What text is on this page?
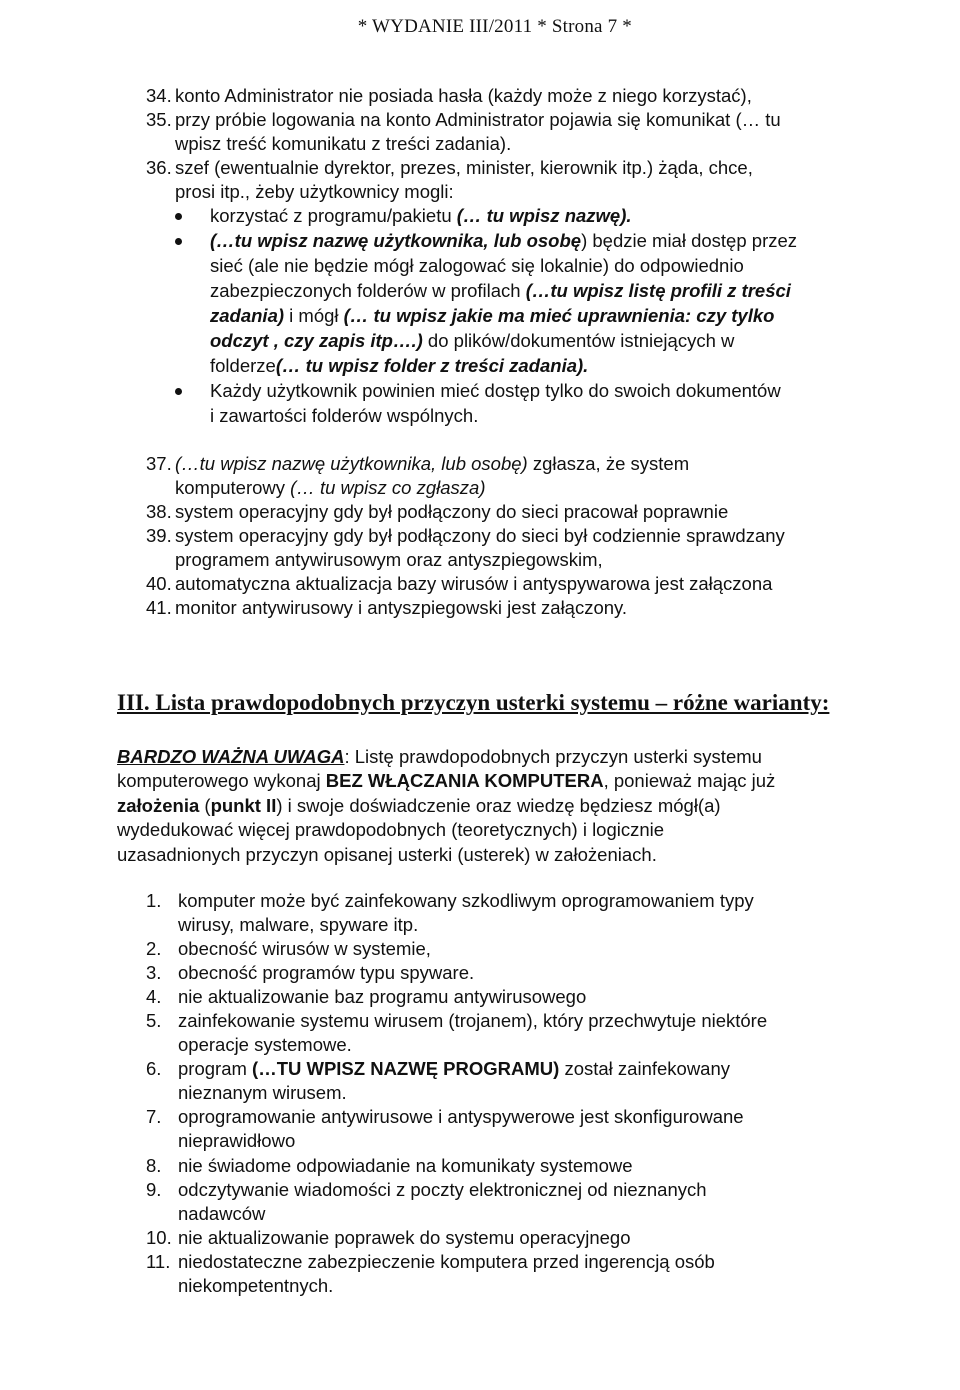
* WYDANIE III/2011 * Strona 7 *
34. konto Administrator nie posiada hasła (każdy może z niego korzystać),
35. przy próbie logowania na konto Administrator pojawia się komunikat (… tu
wpisz treść komunikatu z treści zadania).
36. szef (ewentualnie dyrektor, prezes, minister, kierownik itp.) żąda, chce,
prosi itp., żeby użytkownicy mogli:
korzystać z programu/pakietu (… tu wpisz nazwę).
(…tu wpisz nazwę użytkownika, lub osobę) będzie miał dostęp przez
sieć (ale nie będzie mógł zalogować się lokalnie) do odpowiednio
zabezpieczonych folderów w profilach (…tu wpisz listę profili z treści
zadania) i mógł (… tu wpisz jakie ma mieć uprawnienia: czy tylko
odczyt , czy zapis itp….) do plików/dokumentów istniejących w
folderze(… tu wpisz folder z treści zadania).
Każdy użytkownik powinien mieć dostęp tylko do swoich dokumentów
i zawartości folderów wspólnych.
37. (…tu wpisz nazwę użytkownika, lub osobę) zgłasza, że system
komputerowy (… tu wpisz co zgłasza)
38. system operacyjny gdy był podłączony do sieci pracował poprawnie
39. system operacyjny gdy był podłączony do sieci był codziennie sprawdzany
programem antywirusowym oraz antyszpiegowskim,
40. automatyczna aktualizacja bazy wirusów i antyspywarowa jest załączona
41. monitor antywirusowy i antyszpiegowski jest załączony.
III. Lista prawdopodobnych przyczyn usterki systemu – różne warianty:
BARDZO WAŻNA UWAGA: Listę prawdopodobnych przyczyn usterki systemu
komputerowego wykonaj BEZ WŁĄCZANIA KOMPUTERA, ponieważ mając już
założenia (punkt II) i swoje doświadczenie oraz wiedzę będziesz mógł(a)
wydedukować więcej prawdopodobnych (teoretycznych) i logicznie
uzasadnionych przyczyn opisanej usterki (usterek) w założeniach.
1. komputer może być zainfekowany szkodliwym oprogramowaniem typy
wirusy, malware, spyware itp.
2. obecność wirusów w systemie,
3. obecność programów typu spyware.
4. nie aktualizowanie baz programu antywirusowego
5. zainfekowanie systemu wirusem (trojanem), który przechwytuje niektóre
operacje systemowe.
6. program (…TU WPISZ NAZWĘ PROGRAMU) został zainfekowany
nieznanym wirusem.
7. oprogramowanie antywirusowe i antyspywerowe jest skonfigurowane
nieprawidłowo
8. nie świadome odpowiadanie na komunikaty systemowe
9. odczytywanie wiadomości z poczty elektronicznej od nieznanych
nadawców
10. nie aktualizowanie poprawek do systemu operacyjnego
11. niedostateczne zabezpieczenie komputera przed ingerencją osób
niekompetentnych.
